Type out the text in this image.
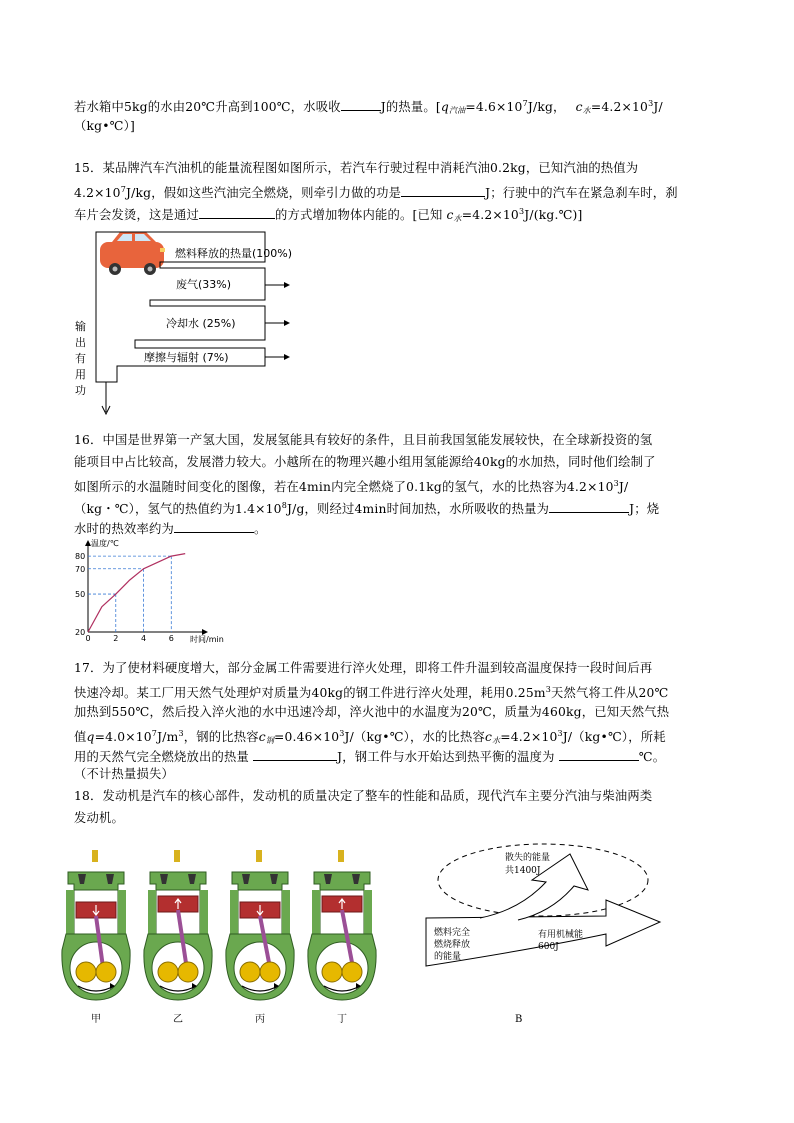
若水箱中5kg的水由20℃升高到100℃，水吸收	J的热量。[$q_{汽油}=4.6\times 10^7J/kg$， $c_水=4.2\times 10^3J/$
（kg•℃）]
15．某品牌汽车汽油机的能量流程图如图所示，若汽车行驶过程中消耗汽油0.2kg，已知汽油的热值为
$4.2\times 10^7J/kg$，假如这些汽油完全燃烧，则牵引力做的功是	J；行驶中的汽车在紧急刹车时，刹
车片会发烫，这是通过	的方式增加物体内能的。[已知 $c_水=4.2\times 10^3J/(kg.℃)$]
燃料释放的热量(100%)
废气(33%)
冷却水 (25%)
摩擦与辐射 (7%)
输
出
有
用
功
16．中国是世界第一产氢大国，发展氢能具有较好的条件，且目前我国氢能发展较快，在全球新投资的氢
能项目中占比较高，发展潜力较大。小越所在的物理兴趣小组用氢能源给40kg的水加热，同时他们绘制了
如图所示的水温随时间变化的图像，若在4min内完全燃烧了0.1kg的氢气，水的比热容为$4.2\times 10^3J/$
（kg・℃），氢气的热值约为$1.4\times 10^8J/g$，则经过4min时间加热，水所吸收的热量为	J；烧
水时的热效率约为	。
温度/℃
时间/min
0	2	4	6
20
50
70
80
17．为了使材料硬度增大，部分金属工件需要进行淬火处理，即将工件升温到较高温度保持一段时间后再
快速冷却。某工厂用天然气处理炉对质量为40kg的钢工件进行淬火处理，耗用$0.25m^3$天然气将工件从20℃
加热到550℃，然后投入淬火池的水中迅速冷却，淬火池中的水温度为20℃，质量为460kg，已知天然气热
值$q=4.0\times 10^7J/m^3$，钢的比热容$c_钢=0.46\times 10^3J/(kg•℃)$，水的比热容$c_水=4.2\times 10^3J/(kg•℃)$，所耗
用的天然气完全燃烧放出的热量	J，钢工件与水开始达到热平衡的温度为	℃。
（不计热量损失）
18．发动机是汽车的核心部件，发动机的质量决定了整车的性能和品质，现代汽车主要分汽油与柴油两类
发动机。
甲	乙	丙	丁
散失的能量
共1400J
燃料完全
燃烧释放
的能量
有用机械能
600J
B
